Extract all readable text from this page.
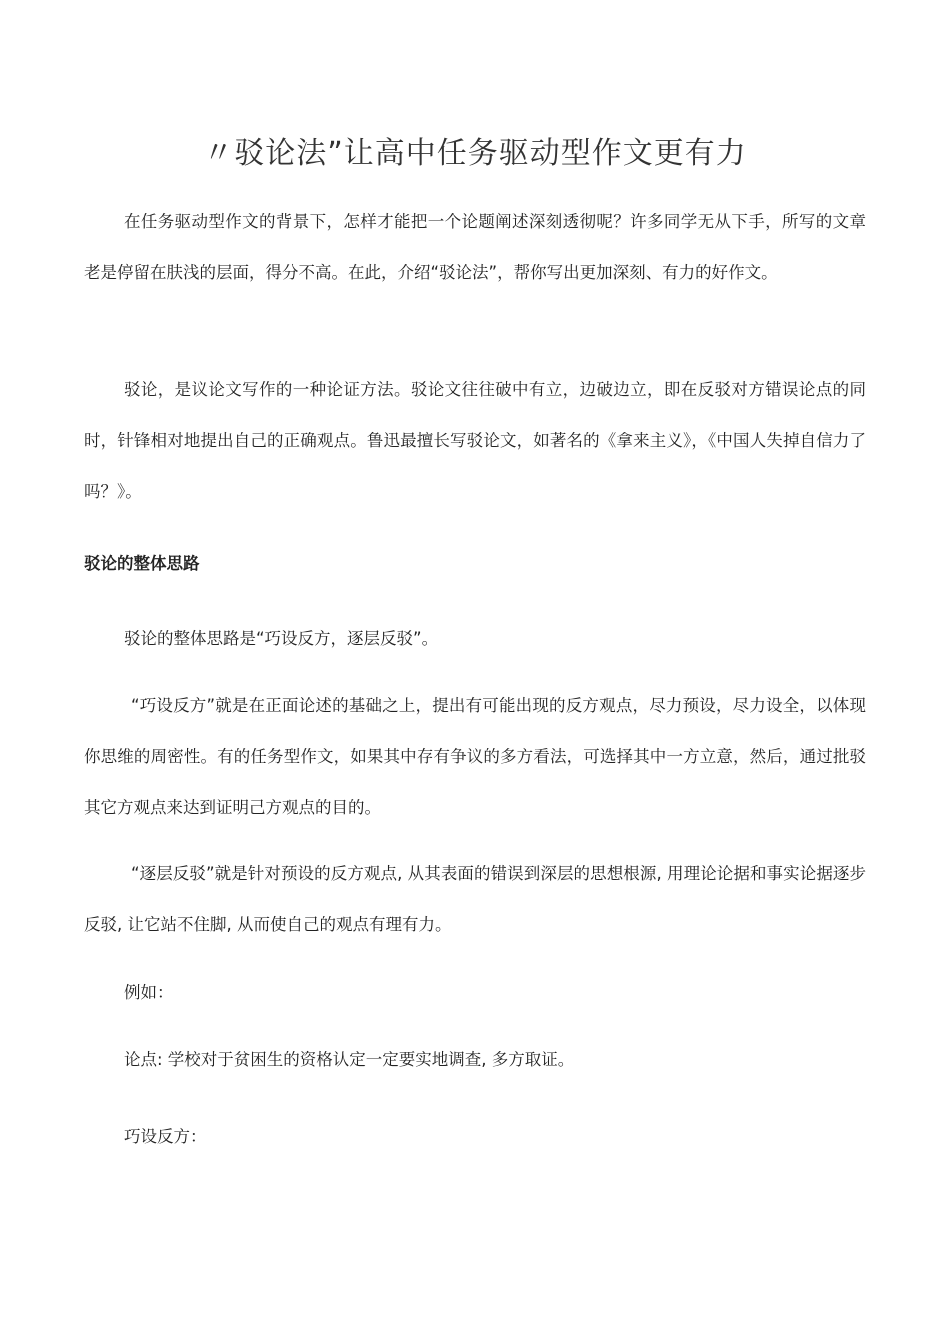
〃驳论法”让高中任务驱动型作文更有力

在任务驱动型作文的背景下，怎样才能把一个论题阐述深刻透彻呢？许多同学无从下手，所写的文章老是停留在肤浅的层面，得分不高。在此，介绍“驳论法”，帮你写出更加深刻、有力的好作文。

驳论，是议论文写作的一种论证方法。驳论文往往破中有立，边破边立，即在反驳对方错误论点的同时，针锋相对地提出自己的正确观点。鲁迅最擅长写驳论文，如著名的《拿来主义》，《中国人失掉自信力了吗？》。

驳论的整体思路

驳论的整体思路是“巧设反方，逐层反驳”。

“巧设反方”就是在正面论述的基础之上，提出有可能出现的反方观点，尽力预设，尽力设全，以体现你思维的周密性。有的任务型作文，如果其中存有争议的多方看法，可选择其中一方立意，然后，通过批驳其它方观点来达到证明己方观点的目的。

“逐层反驳”就是针对预设的反方观点, 从其表面的错误到深层的思想根源, 用理论论据和事实论据逐步反驳, 让它站不住脚, 从而使自己的观点有理有力。

例如：

论点: 学校对于贫困生的资格认定一定要实地调查, 多方取证。

巧设反方：
